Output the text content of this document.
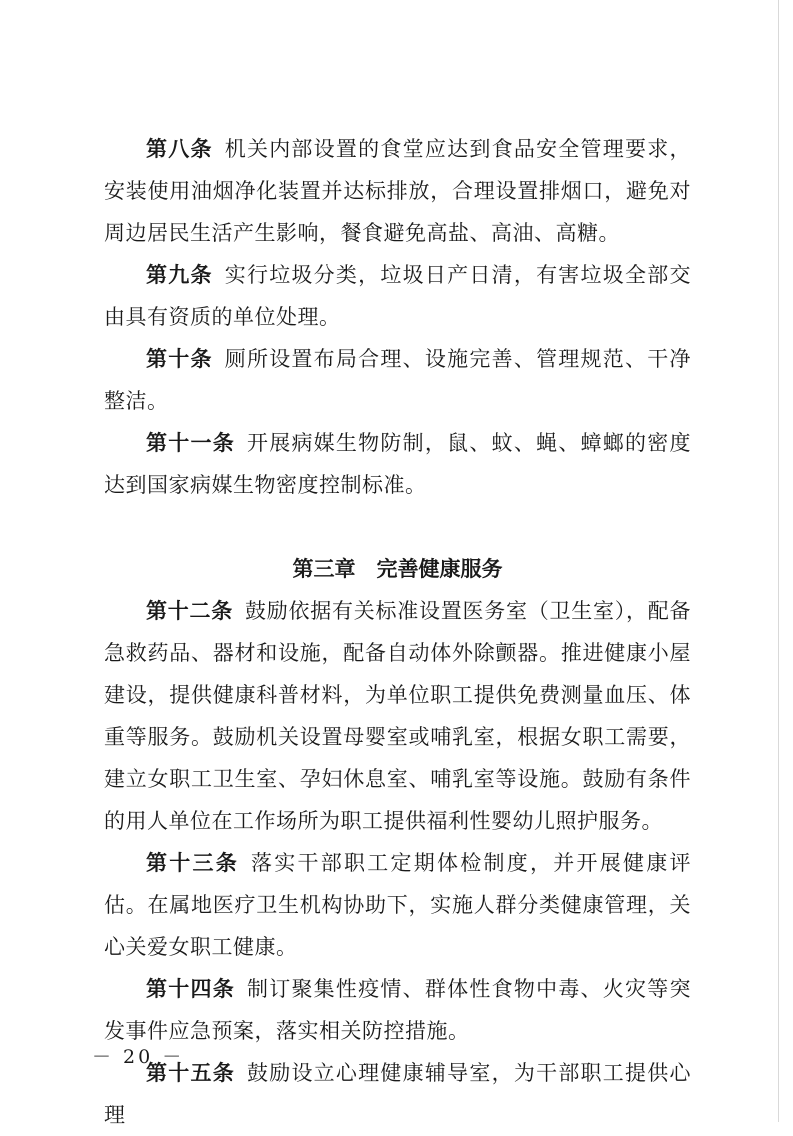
第八条 机关内部设置的食堂应达到食品安全管理要求，安装使用油烟净化装置并达标排放，合理设置排烟口，避免对周边居民生活产生影响，餐食避免高盐、高油、高糖。

第九条 实行垃圾分类，垃圾日产日清，有害垃圾全部交由具有资质的单位处理。

第十条 厕所设置布局合理、设施完善、管理规范、干净整洁。

第十一条 开展病媒生物防制，鼠、蚊、蝇、蟑螂的密度达到国家病媒生物密度控制标准。

第三章　完善健康服务

第十二条 鼓励依据有关标准设置医务室（卫生室），配备急救药品、器材和设施，配备自动体外除颤器。推进健康小屋建设，提供健康科普材料，为单位职工提供免费测量血压、体重等服务。鼓励机关设置母婴室或哺乳室，根据女职工需要，建立女职工卫生室、孕妇休息室、哺乳室等设施。鼓励有条件的用人单位在工作场所为职工提供福利性婴幼儿照护服务。

第十三条 落实干部职工定期体检制度，并开展健康评估。在属地医疗卫生机构协助下，实施人群分类健康管理，关心关爱女职工健康。

第十四条 制订聚集性疫情、群体性食物中毒、火灾等突发事件应急预案，落实相关防控措施。

第十五条 鼓励设立心理健康辅导室，为干部职工提供心理

－ 20 －
